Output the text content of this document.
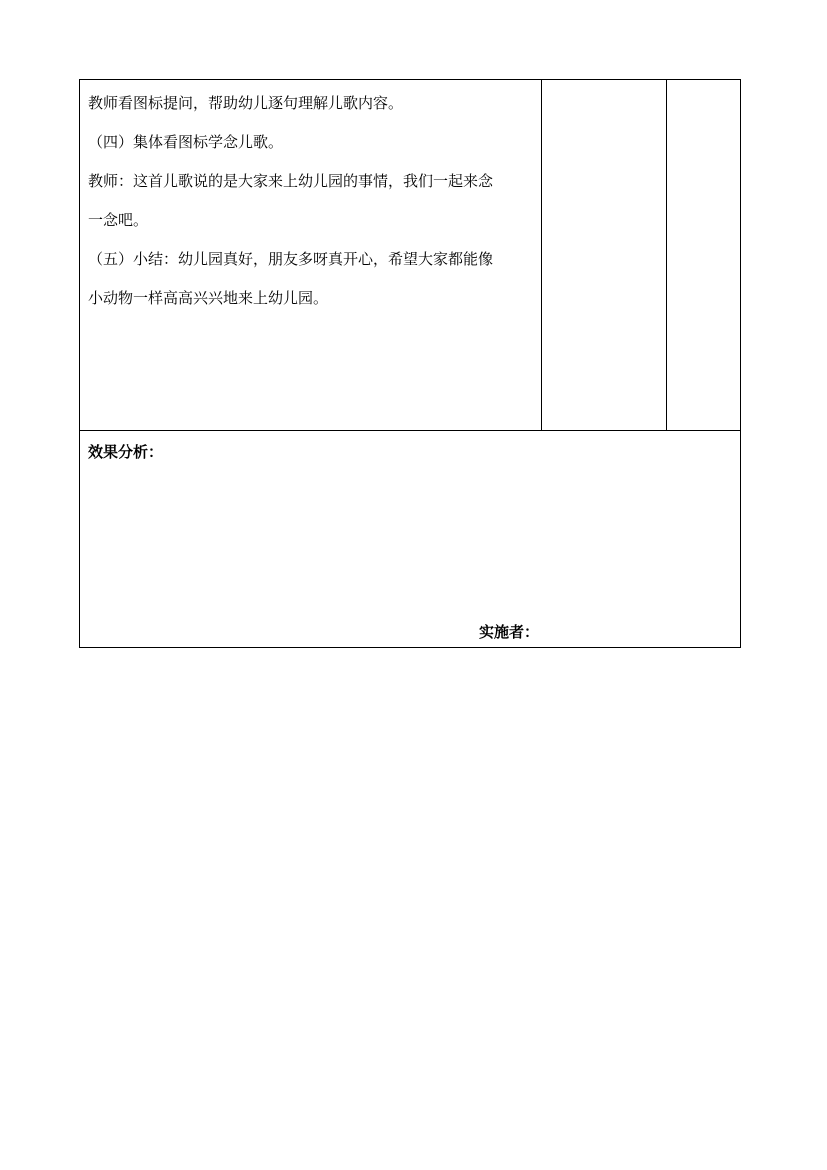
教师看图标提问，帮助幼儿逐句理解儿歌内容。

（四）集体看图标学念儿歌。

教师：这首儿歌说的是大家来上幼儿园的事情，我们一起来念

一念吧。

（五）小结：幼儿园真好，朋友多呀真开心，希望大家都能像

小动物一样高高兴兴地来上幼儿园。

效果分析：
实施者：
